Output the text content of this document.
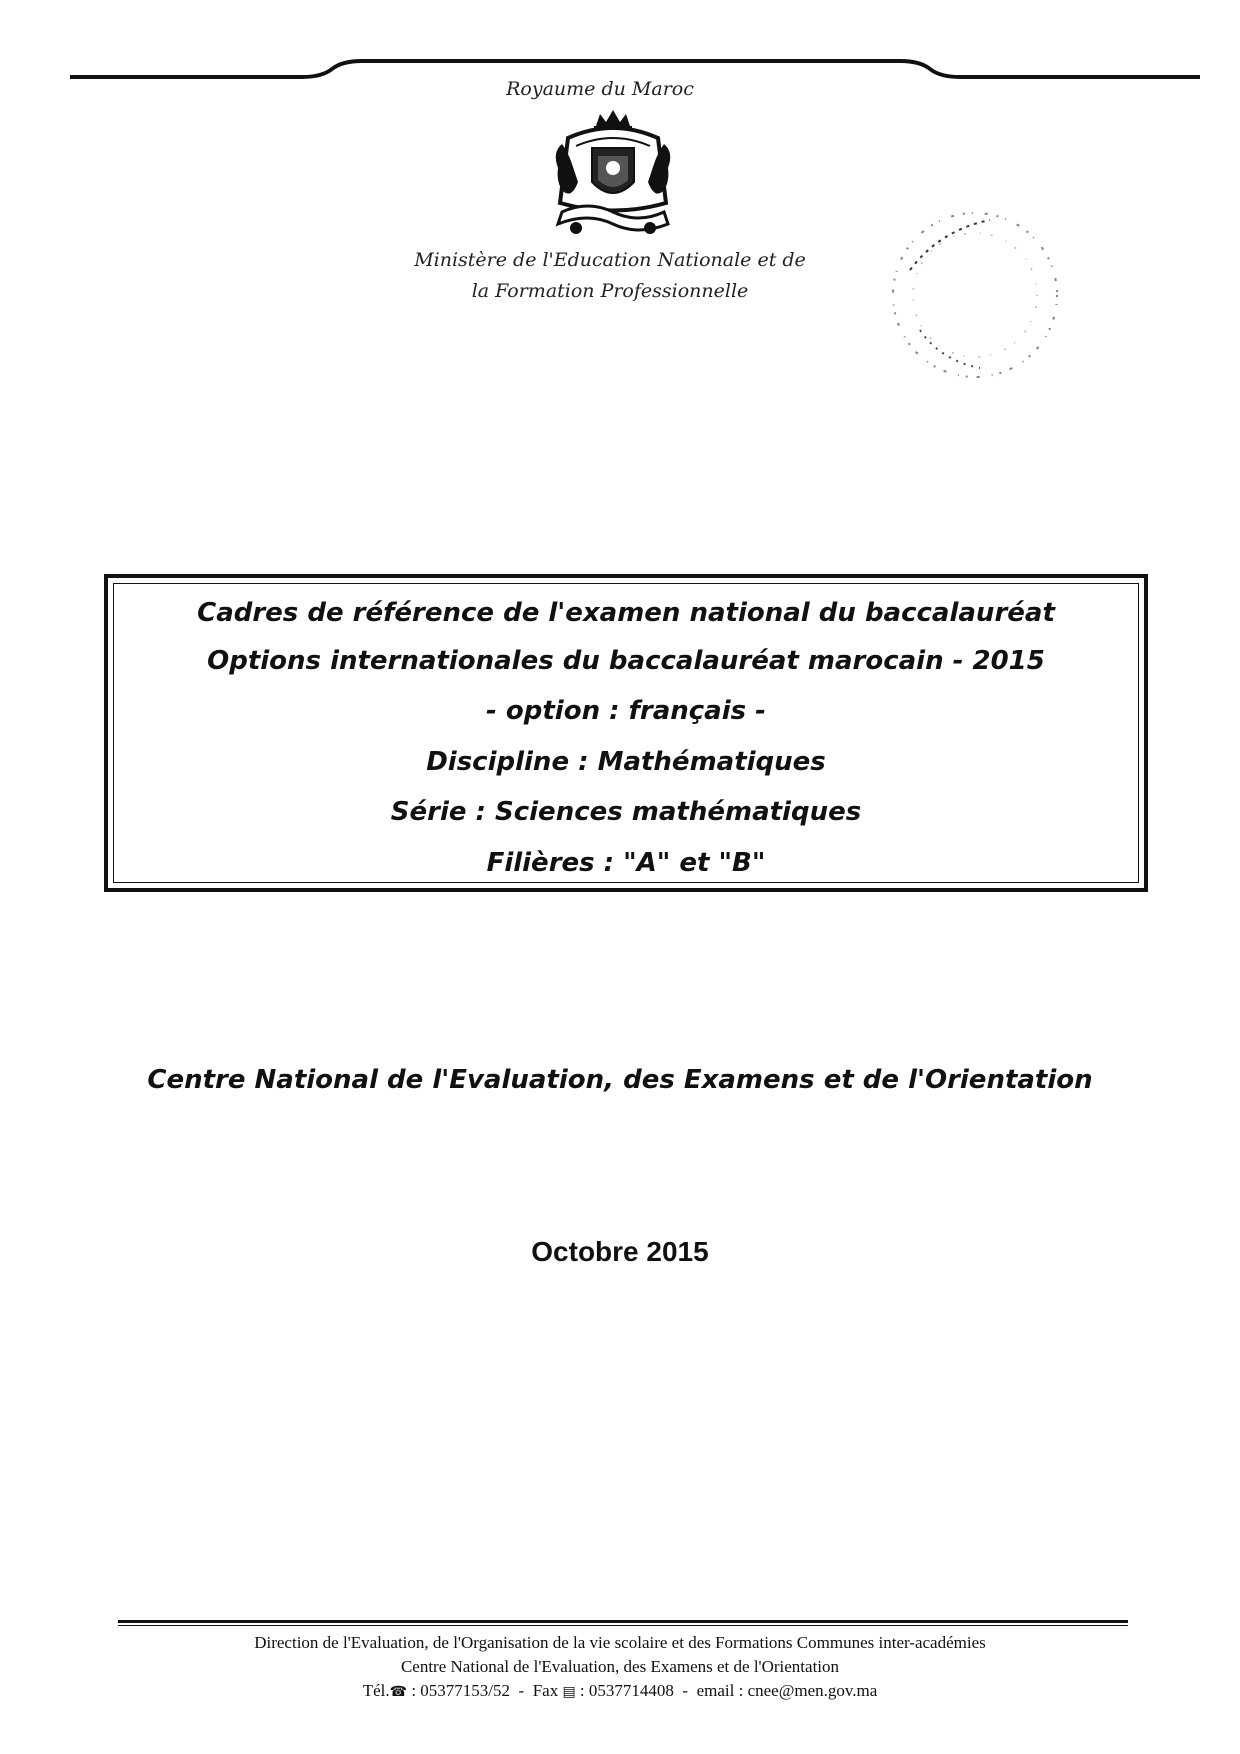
Royaume du Maroc
Ministère de l'Education Nationale et de
la Formation Professionnelle
Cadres de référence de l'examen national du baccalauréat
Options internationales du baccalauréat marocain - 2015
- option : français -
Discipline : Mathématiques
Série : Sciences mathématiques
Filières : "A" et "B"
Centre National de l'Evaluation, des Examens et de l'Orientation
Octobre 2015
Direction de l'Evaluation, de l'Organisation de la vie scolaire et des Formations Communes inter-académies
Centre National de l'Evaluation, des Examens et de l'Orientation
Tél.☎ : 05377153/52  -  Fax ▤ : 0537714408  -  email : cnee@men.gov.ma
